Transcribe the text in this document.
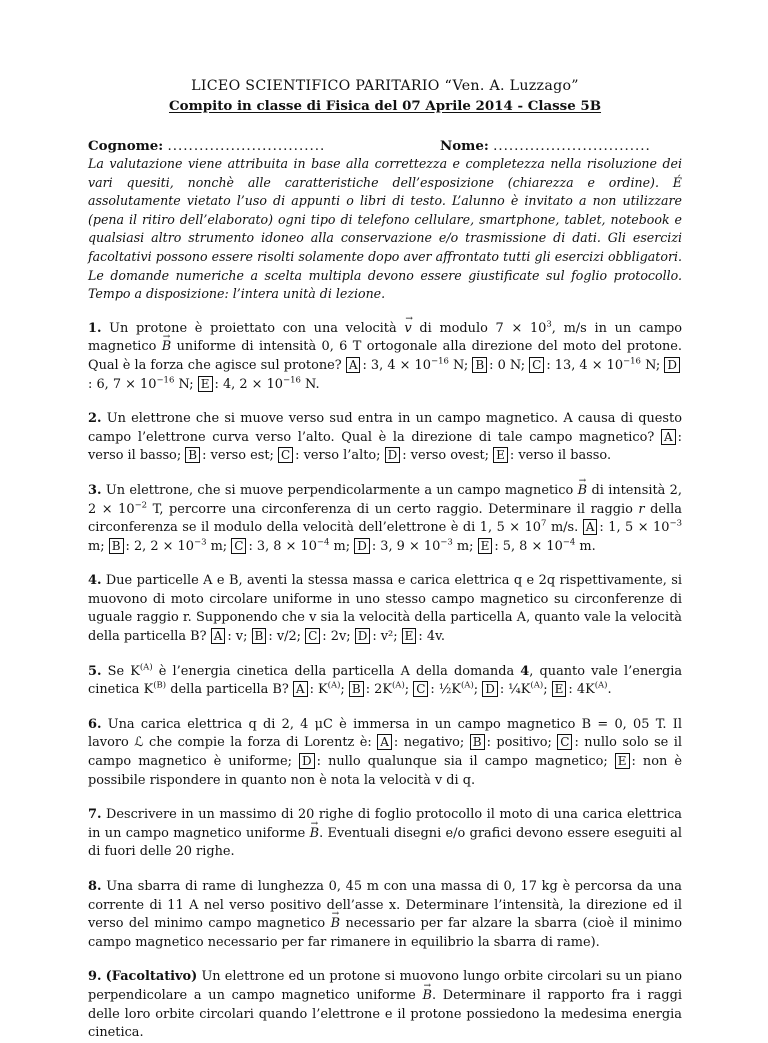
LICEO SCIENTIFICO PARITARIO “Ven. A. Luzzago”

Compito in classe di Fisica del 07 Aprile 2014 - Classe 5B

Cognome: ..............................	Nome: ..............................
La valutazione viene attribuita in base alla correttezza e completezza nella risoluzione dei vari quesiti, nonchè alle caratteristiche dell’esposizione (chiarezza e ordine). É assolutamente vietato l’uso di appunti o libri di testo. L’alunno è invitato a non utilizzare (pena il ritiro dell’elaborato) ogni tipo di telefono cellulare, smartphone, tablet, notebook e qualsiasi altro strumento idoneo alla conservazione e/o trasmissione di dati. Gli esercizi facoltativi possono essere risolti solamente dopo aver affrontato tutti gli esercizi obbligatori. Le domande numeriche a scelta multipla devono essere giustificate sul foglio protocollo. Tempo a disposizione: l’intera unità di lezione.
1. Un protone è proiettato con una velocità → v di modulo $7 \times 10^3$, m/s in un campo magnetico → B uniforme di intensità 0, 6 T ortogonale alla direzione del moto del protone. Qual è la forza che agisce sul protone? A : 3, $4 \times 10^{-16}$ N; B : 0 N; C : 13, $4 \times 10^{-16}$ N; D: 6, $7 \times 10^{-16}$ N; E : 4, $2 \times 10^{-16}$ N.
2. Un elettrone che si muove verso sud entra in un campo magnetico. A causa di questo campo l’elettrone curva verso l’alto. Qual è la direzione di tale campo magnetico? A : verso il basso; B : verso est; C : verso l’alto; D : verso ovest; E : verso il basso.
3. Un elettrone, che si muove perpendicolarmente a un campo magnetico → B di intensità 2, $2 \times 10^{-2}$ T, percorre una circonferenza di un certo raggio. Determinare il raggio r della circonferenza se il modulo della velocità dell’elettrone è di 1, $5 \times 10^7$ m/s. A : 1, $5 \times 10^{-3}$ m; B : 2, $2 \times 10^{-3}$ m; C : 3, $8 \times 10^{-4}$ m; D : 3, $9 \times 10^{-3}$ m; E : 5, $8 \times 10^{-4}$ m.
4. Due particelle A e B, aventi la stessa massa e carica elettrica q e 2q rispettivamente, si muovono di moto circolare uniforme in uno stesso campo magnetico su circonferenze di uguale raggio r. Supponendo che v sia la velocità della particella A, quanto vale la velocità della particella B? A : v; B : v/2; C : 2v; D : v²; E : 4v.
5. Se $K^{(A)}$ è l’energia cinetica della particella A della domanda 4, quanto vale l’energia cinetica $K^{(B)}$ della particella B? A : $K^{(A)}$; B : $2K^{(A)}$; C : $\frac{1}{2}K^{(A)}$; D : $\frac{1}{4}K^{(A)}$; E : $4K^{(A)}$.
6. Una carica elettrica q di 2, 4 μC è immersa in un campo magnetico B = 0, 05 T. Il lavoro ℒ che compie la forza di Lorentz è: A : negativo; B : positivo; C : nullo solo se il campo magnetico è uniforme; D : nullo qualunque sia il campo magnetico; E : non è possibile rispondere in quanto non è nota la velocità v di q.
7. Descrivere in un massimo di 20 righe di foglio protocollo il moto di una carica elettrica in un campo magnetico uniforme → B. Eventuali disegni e/o grafici devono essere eseguiti al di fuori delle 20 righe.
8. Una sbarra di rame di lunghezza 0, 45 m con una massa di 0, 17 kg è percorsa da una corrente di 11 A nel verso positivo dell’asse x. Determinare l’intensità, la direzione ed il verso del minimo campo magnetico → B necessario per far alzare la sbarra (cioè il minimo campo magnetico necessario per far rimanere in equilibrio la sbarra di rame).
9. (Facoltativo) Un elettrone ed un protone si muovono lungo orbite circolari su un piano perpendicolare a un campo magnetico uniforme → B. Determinare il rapporto fra i raggi delle loro orbite circolari quando l’elettrone e il protone possiedono la medesima energia cinetica.
